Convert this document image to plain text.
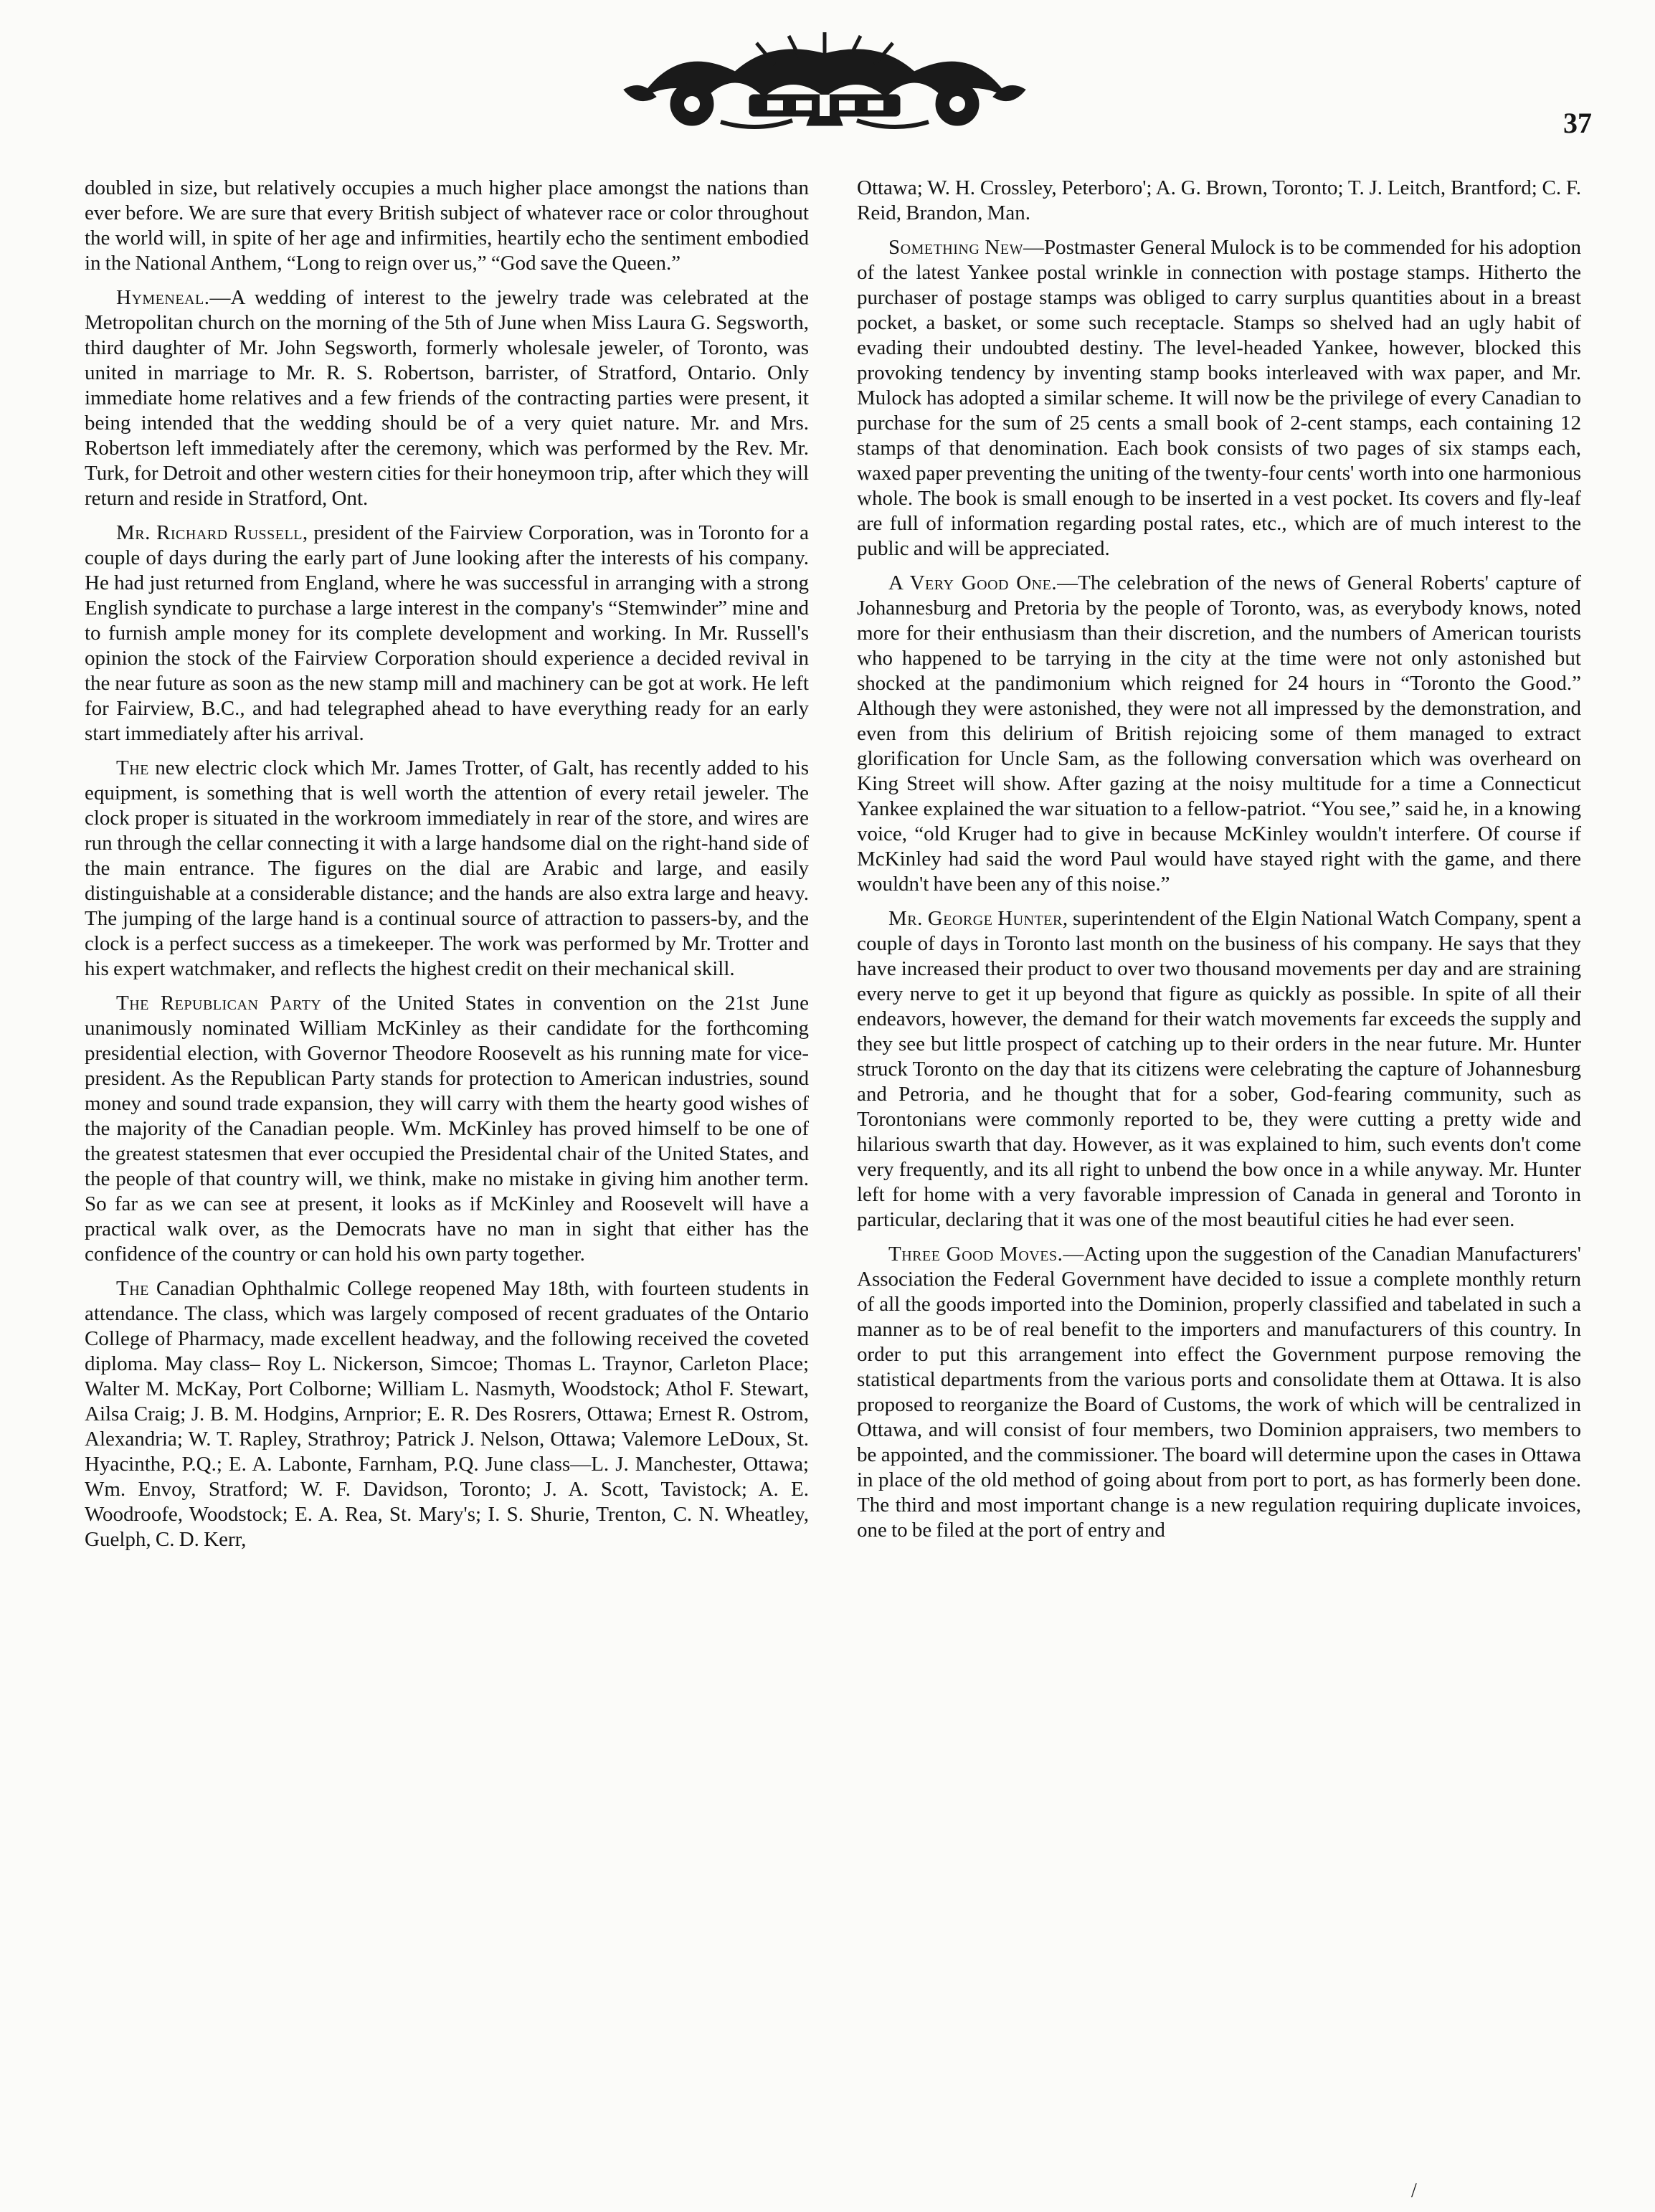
37

doubled in size, but relatively occupies a much higher place amongst the nations than ever before. We are sure that every British subject of whatever race or color throughout the world will, in spite of her age and infirmities, heartily echo the sentiment embodied in the National Anthem, “Long to reign over us,” “God save the Queen.”

Hymeneal.—A wedding of interest to the jewelry trade was celebrated at the Metropolitan church on the morning of the 5th of June when Miss Laura G. Segsworth, third daughter of Mr. John Segsworth, formerly wholesale jeweler, of Toronto, was united in marriage to Mr. R. S. Robertson, barrister, of Stratford, Ontario. Only immediate home relatives and a few friends of the contracting parties were present, it being intended that the wedding should be of a very quiet nature. Mr. and Mrs. Robertson left immediately after the ceremony, which was performed by the Rev. Mr. Turk, for Detroit and other western cities for their honeymoon trip, after which they will return and reside in Stratford, Ont.

Mr. Richard Russell, president of the Fairview Corporation, was in Toronto for a couple of days during the early part of June looking after the interests of his company. He had just returned from England, where he was successful in arranging with a strong English syndicate to purchase a large interest in the company's “Stemwinder” mine and to furnish ample money for its complete development and working. In Mr. Russell's opinion the stock of the Fairview Corporation should experience a decided revival in the near future as soon as the new stamp mill and machinery can be got at work. He left for Fairview, B.C., and had telegraphed ahead to have everything ready for an early start immediately after his arrival.

The new electric clock which Mr. James Trotter, of Galt, has recently added to his equipment, is something that is well worth the attention of every retail jeweler. The clock proper is situated in the workroom immediately in rear of the store, and wires are run through the cellar connecting it with a large handsome dial on the right-hand side of the main entrance. The figures on the dial are Arabic and large, and easily distinguishable at a considerable distance; and the hands are also extra large and heavy. The jumping of the large hand is a continual source of attraction to passers-by, and the clock is a perfect success as a timekeeper. The work was performed by Mr. Trotter and his expert watchmaker, and reflects the highest credit on their mechanical skill.

The Republican Party of the United States in convention on the 21st June unanimously nominated William McKinley as their candidate for the forthcoming presidential election, with Governor Theodore Roosevelt as his running mate for vice-president. As the Republican Party stands for protection to American industries, sound money and sound trade expansion, they will carry with them the hearty good wishes of the majority of the Canadian people. Wm. McKinley has proved himself to be one of the greatest statesmen that ever occupied the Presidental chair of the United States, and the people of that country will, we think, make no mistake in giving him another term. So far as we can see at present, it looks as if McKinley and Roosevelt will have a practical walk over, as the Democrats have no man in sight that either has the confidence of the country or can hold his own party together.

The Canadian Ophthalmic College reopened May 18th, with fourteen students in attendance. The class, which was largely composed of recent graduates of the Ontario College of Pharmacy, made excellent headway, and the following received the coveted diploma. May class– Roy L. Nickerson, Simcoe; Thomas L. Traynor, Carleton Place; Walter M. McKay, Port Colborne; William L. Nasmyth, Woodstock; Athol F. Stewart, Ailsa Craig; J. B. M. Hodgins, Arnprior; E. R. Des Rosrers, Ottawa; Ernest R. Ostrom, Alexandria; W. T. Rapley, Strathroy; Patrick J. Nelson, Ottawa; Valemore LeDoux, St. Hyacinthe, P.Q.; E. A. Labonte, Farnham, P.Q. June class—L. J. Manchester, Ottawa; Wm. Envoy, Stratford; W. F. Davidson, Toronto; J. A. Scott, Tavistock; A. E. Woodroofe, Woodstock; E. A. Rea, St. Mary's; I. S. Shurie, Trenton, C. N. Wheatley, Guelph, C. D. Kerr,

Ottawa; W. H. Crossley, Peterboro'; A. G. Brown, Toronto; T. J. Leitch, Brantford; C. F. Reid, Brandon, Man.

Something New—Postmaster General Mulock is to be commended for his adoption of the latest Yankee postal wrinkle in connection with postage stamps. Hitherto the purchaser of postage stamps was obliged to carry surplus quantities about in a breast pocket, a basket, or some such receptacle. Stamps so shelved had an ugly habit of evading their undoubted destiny. The level-headed Yankee, however, blocked this provoking tendency by inventing stamp books interleaved with wax paper, and Mr. Mulock has adopted a similar scheme. It will now be the privilege of every Canadian to purchase for the sum of 25 cents a small book of 2-cent stamps, each containing 12 stamps of that denomination. Each book consists of two pages of six stamps each, waxed paper preventing the uniting of the twenty-four cents' worth into one harmonious whole. The book is small enough to be inserted in a vest pocket. Its covers and fly-leaf are full of information regarding postal rates, etc., which are of much interest to the public and will be appreciated.

A Very Good One.—The celebration of the news of General Roberts' capture of Johannesburg and Pretoria by the people of Toronto, was, as everybody knows, noted more for their enthusiasm than their discretion, and the numbers of American tourists who happened to be tarrying in the city at the time were not only astonished but shocked at the pandimonium which reigned for 24 hours in “Toronto the Good.” Although they were astonished, they were not all impressed by the demonstration, and even from this delirium of British rejoicing some of them managed to extract glorification for Uncle Sam, as the following conversation which was overheard on King Street will show. After gazing at the noisy multitude for a time a Connecticut Yankee explained the war situation to a fellow-patriot. “You see,” said he, in a knowing voice, “old Kruger had to give in because McKinley wouldn't interfere. Of course if McKinley had said the word Paul would have stayed right with the game, and there wouldn't have been any of this noise.”

Mr. George Hunter, superintendent of the Elgin National Watch Company, spent a couple of days in Toronto last month on the business of his company. He says that they have increased their product to over two thousand movements per day and are straining every nerve to get it up beyond that figure as quickly as possible. In spite of all their endeavors, however, the demand for their watch movements far exceeds the supply and they see but little prospect of catching up to their orders in the near future. Mr. Hunter struck Toronto on the day that its citizens were celebrating the capture of Johannesburg and Petroria, and he thought that for a sober, God-fearing community, such as Torontonians were commonly reported to be, they were cutting a pretty wide and hilarious swarth that day. However, as it was explained to him, such events don't come very frequently, and its all right to unbend the bow once in a while anyway. Mr. Hunter left for home with a very favorable impression of Canada in general and Toronto in particular, declaring that it was one of the most beautiful cities he had ever seen.

Three Good Moves.—Acting upon the suggestion of the Canadian Manufacturers' Association the Federal Government have decided to issue a complete monthly return of all the goods imported into the Dominion, properly classified and tabelated in such a manner as to be of real benefit to the importers and manufacturers of this country. In order to put this arrangement into effect the Government purpose removing the statistical departments from the various ports and consolidate them at Ottawa. It is also proposed to reorganize the Board of Customs, the work of which will be centralized in Ottawa, and will consist of four members, two Dominion appraisers, two members to be appointed, and the commissioner. The board will determine upon the cases in Ottawa in place of the old method of going about from port to port, as has formerly been done. The third and most important change is a new regulation requiring duplicate invoices, one to be filed at the port of entry and

/
